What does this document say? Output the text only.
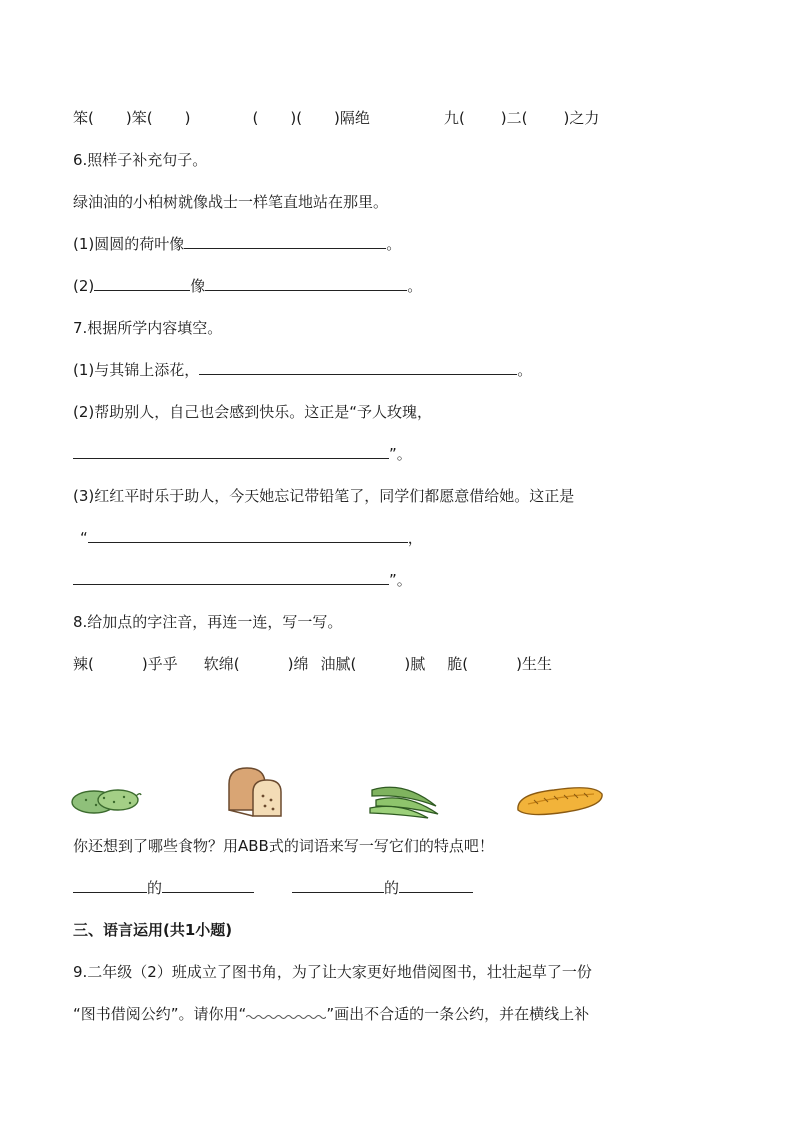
笨( )笨( )	( )( )隔绝	九( )二( )之力
6.照样子补充句子。
绿油油的小柏树就像战士一样笔直地站在那里。
(1)圆圆的荷叶像	。
(2)	像	。
7.根据所学内容填空。
(1)与其锦上添花，	。
(2)帮助别人，自己也会感到快乐。这正是“予人玫瑰，
”。
(3)红红平时乐于助人，今天她忘记带铅笔了，同学们都愿意借给她。这正是
“	，
”。
8.给加点的字注音，再连一连，写一写。
辣(	)乎乎 软绵(	)绵 油腻(	)腻 脆(	)生生
你还想到了哪些食物？用ABB式的词语来写一写它们的特点吧！
的	的
三、语言运用(共1小题)
9.二年级（2）班成立了图书角，为了让大家更好地借阅图书，壮壮起草了一份
“图书借阅公约”。请你用“	”画出不合适的一条公约，并在横线上补
